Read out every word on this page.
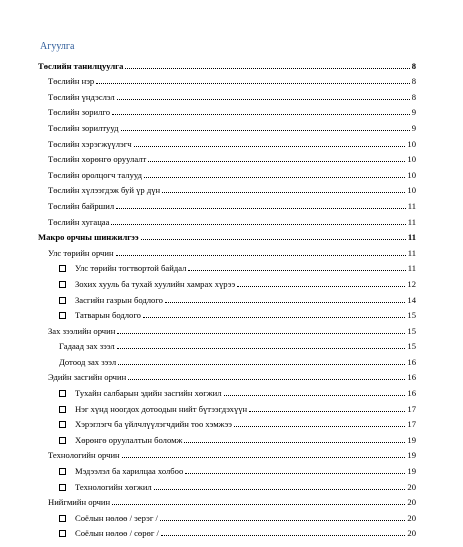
Агуулга
Төслийн танилцуулга	8
Төслийн нэр	8
Төслийн үндэслэл	8
Төслийн зорилго	9
Төслийн зорилтууд	9
Төслийн хэрэгжүүлэгч	10
Төслийн хөрөнгө оруулалт	10
Төслийн оролцогч талууд	10
Төслийн хүлээгдэж буй үр дүн	10
Төслийн байршил	11
Төслийн хугацаа	11
Макро орчны шинжилгээ	11
Улс төрийн орчин	11
Улс төрийн тогтвортой байдал	11
Зохих хууль ба тухай хуулийн хамрах хүрээ	12
Засгийн газрын бодлого	14
Татварын бодлого	15
Зах зээлийн орчин	15
Гадаад зах зээл	15
Дотоод зах зээл	16
Эдийн засгийн орчин	16
Тухайн салбарын эдийн засгийн хөгжил	16
Нэг хүнд ноогдох дотоодын нийт бүтээгдэхүүн	17
Хэрэглэгч ба үйлчлүүлэгчдийн тоо хэмжээ	17
Хөрөнгө оруулалтын боломж	19
Технологийн орчин	19
Мэдээлэл ба харилцаа холбоо	19
Технологийн хөгжил	20
Нийгмийн орчин	20
Соёлын нөлөө / эерэг /	20
Соёлын нөлөө / сөрөг /	20
